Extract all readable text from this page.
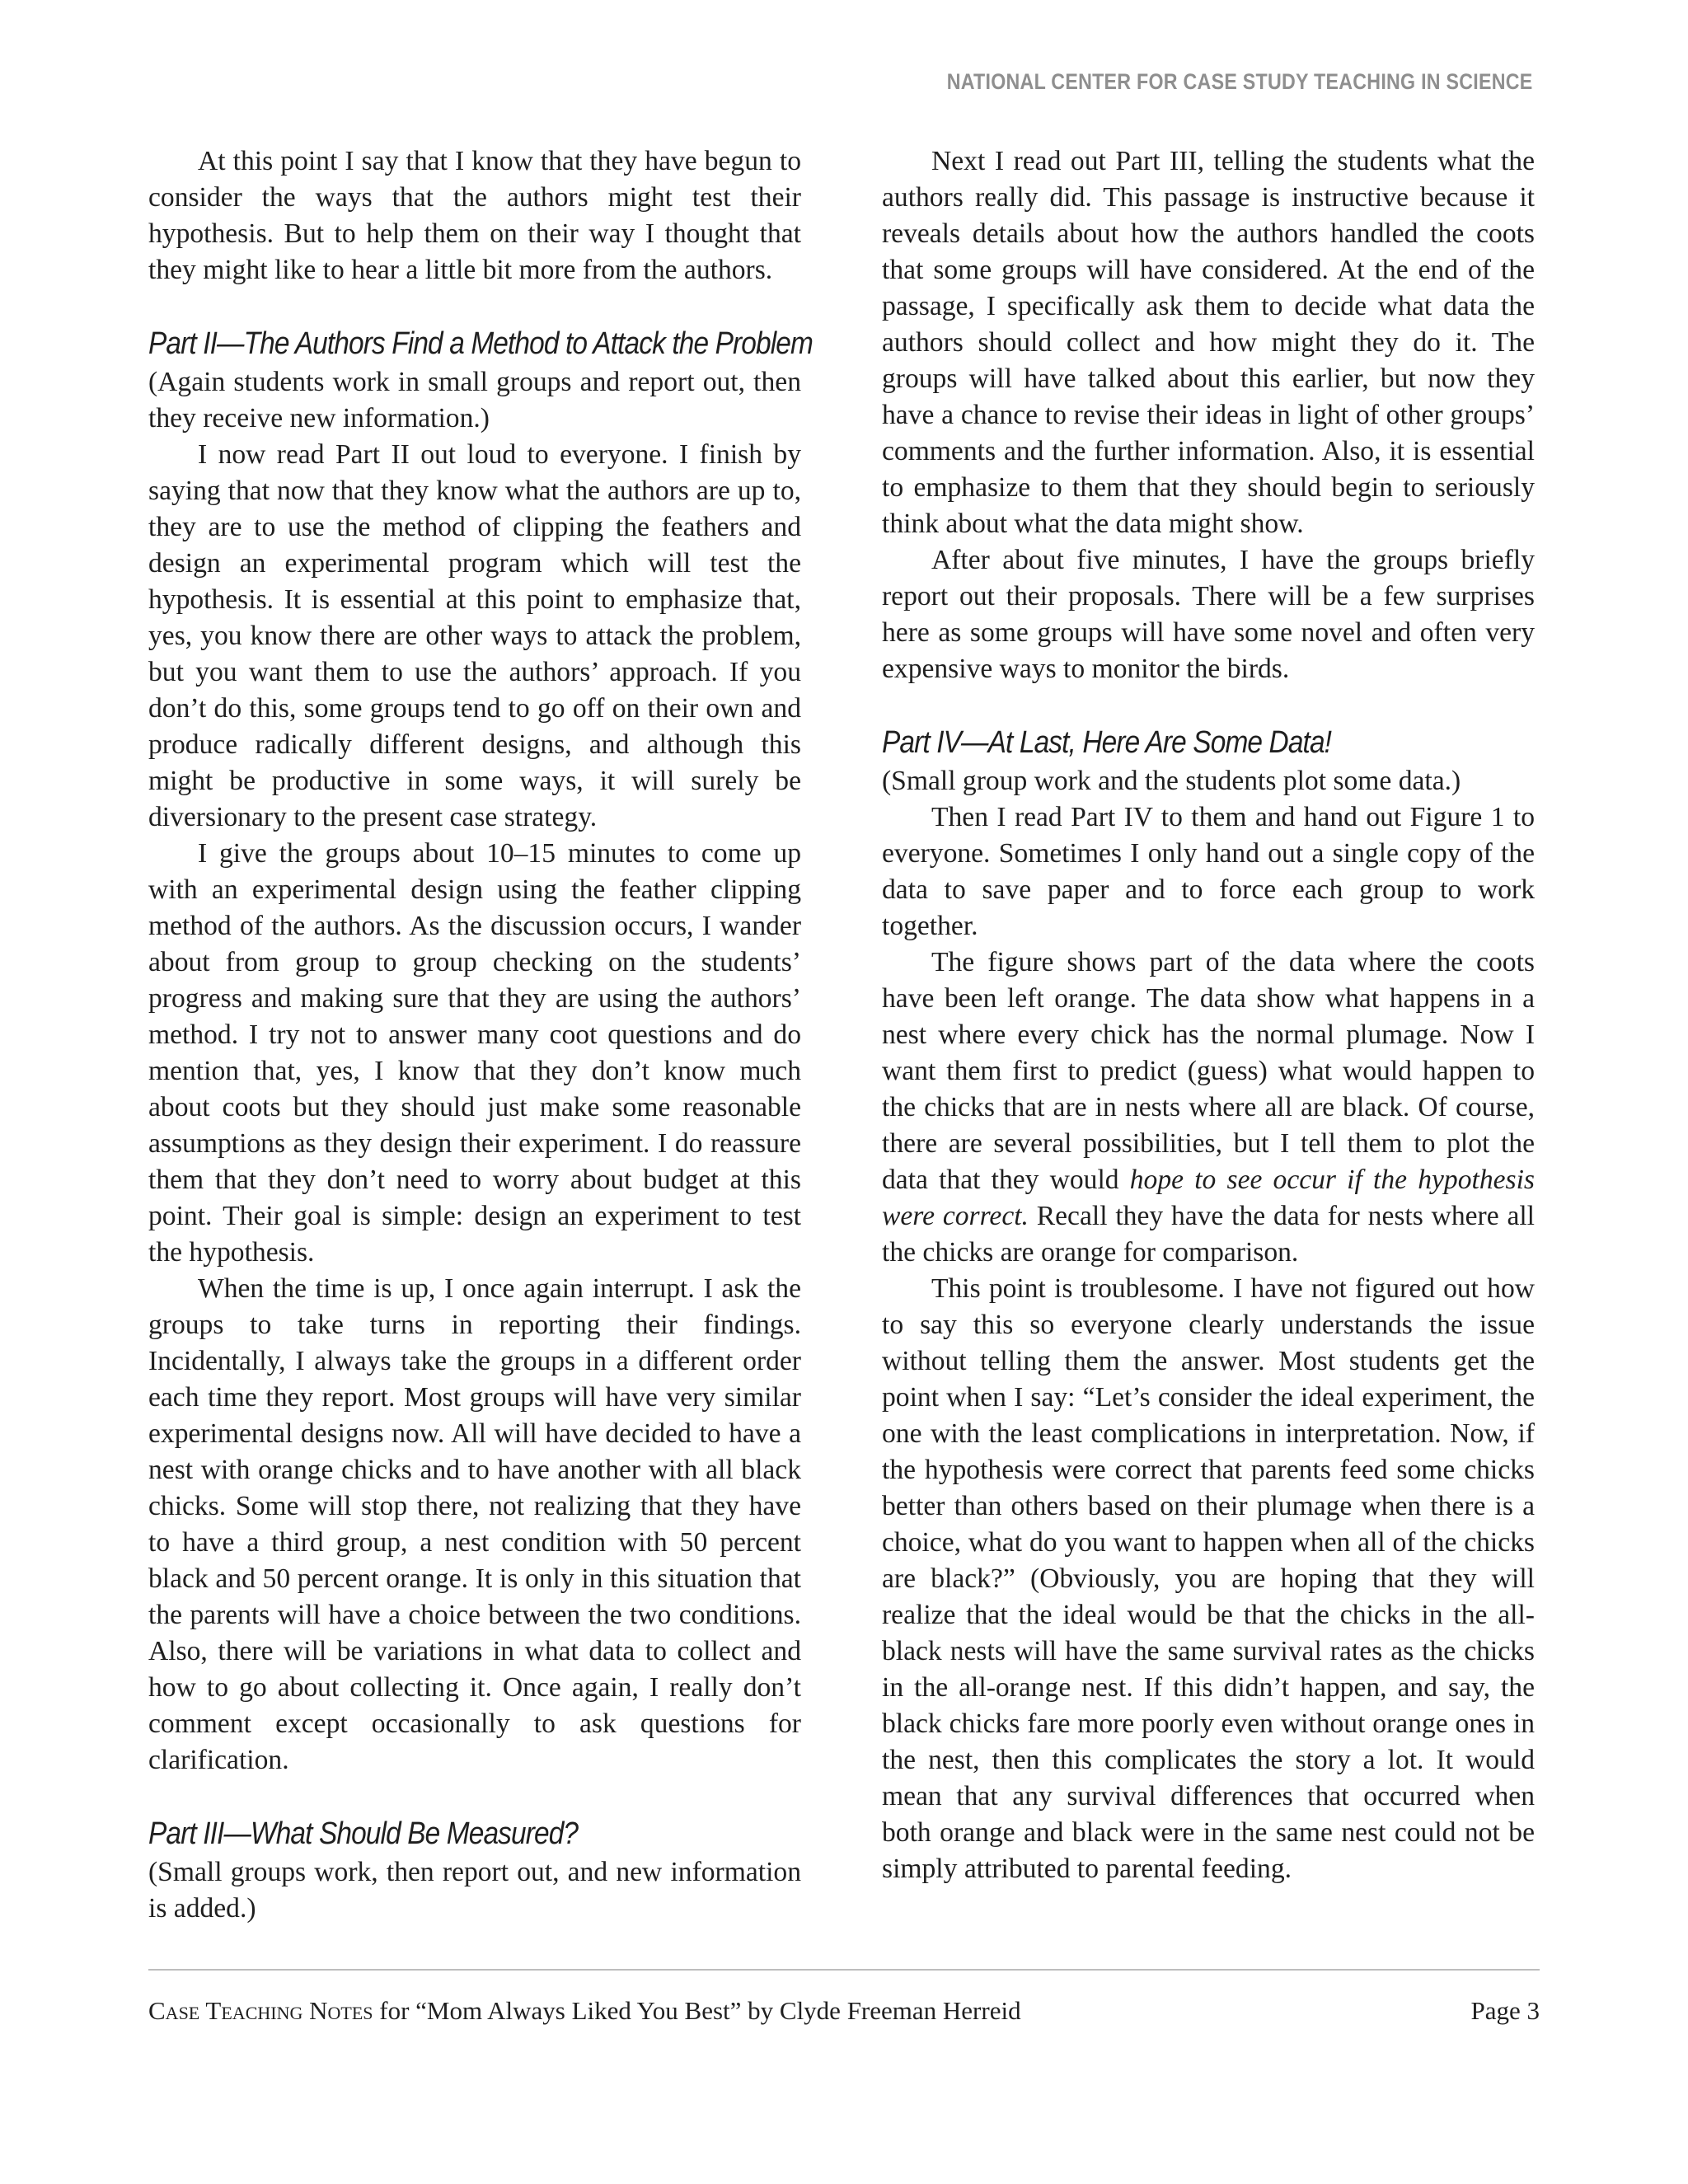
NATIONAL CENTER FOR CASE STUDY TEACHING IN SCIENCE

At this point I say that I know that they have begun to consider the ways that the authors might test their hypothesis. But to help them on their way I thought that they might like to hear a little bit more from the authors.

Part II—The Authors Find a Method to Attack the Problem

(Again students work in small groups and report out, then they receive new information.)

I now read Part II out loud to everyone. I finish by saying that now that they know what the authors are up to, they are to use the method of clipping the feathers and design an experimental program which will test the hypothesis. It is essential at this point to emphasize that, yes, you know there are other ways to attack the problem, but you want them to use the authors’ approach. If you don’t do this, some groups tend to go off on their own and produce radically different designs, and although this might be productive in some ways, it will surely be diversionary to the present case strategy.

I give the groups about 10–15 minutes to come up with an experimental design using the feather clipping method of the authors. As the discussion occurs, I wander about from group to group checking on the students’ progress and making sure that they are using the authors’ method. I try not to answer many coot questions and do mention that, yes, I know that they don’t know much about coots but they should just make some reasonable assumptions as they design their experiment. I do reassure them that they don’t need to worry about budget at this point. Their goal is simple: design an experiment to test the hypothesis.

When the time is up, I once again interrupt. I ask the groups to take turns in reporting their findings. Incidentally, I always take the groups in a different order each time they report. Most groups will have very similar experimental designs now. All will have decided to have a nest with orange chicks and to have another with all black chicks. Some will stop there, not realizing that they have to have a third group, a nest condition with 50 percent black and 50 percent orange. It is only in this situation that the parents will have a choice between the two conditions. Also, there will be variations in what data to collect and how to go about collecting it. Once again, I really don’t comment except occasionally to ask questions for clarification.

Part III—What Should Be Measured?

(Small groups work, then report out, and new information is added.)

Next I read out Part III, telling the students what the authors really did. This passage is instructive because it reveals details about how the authors handled the coots that some groups will have considered. At the end of the passage, I specifically ask them to decide what data the authors should collect and how might they do it. The groups will have talked about this earlier, but now they have a chance to revise their ideas in light of other groups’ comments and the further information. Also, it is essential to emphasize to them that they should begin to seriously think about what the data might show.

After about five minutes, I have the groups briefly report out their proposals. There will be a few surprises here as some groups will have some novel and often very expensive ways to monitor the birds.

Part IV—At Last, Here Are Some Data!

(Small group work and the students plot some data.)

Then I read Part IV to them and hand out Figure 1 to everyone. Sometimes I only hand out a single copy of the data to save paper and to force each group to work together.

The figure shows part of the data where the coots have been left orange. The data show what happens in a nest where every chick has the normal plumage. Now I want them first to predict (guess) what would happen to the chicks that are in nests where all are black. Of course, there are several possibilities, but I tell them to plot the data that they would hope to see occur if the hypothesis were correct. Recall they have the data for nests where all the chicks are orange for comparison.

This point is troublesome. I have not figured out how to say this so everyone clearly understands the issue without telling them the answer. Most students get the point when I say: “Let’s consider the ideal experiment, the one with the least complications in interpretation. Now, if the hypothesis were correct that parents feed some chicks better than others based on their plumage when there is a choice, what do you want to happen when all of the chicks are black?” (Obviously, you are hoping that they will realize that the ideal would be that the chicks in the all-black nests will have the same survival rates as the chicks in the all-orange nest. If this didn’t happen, and say, the black chicks fare more poorly even without orange ones in the nest, then this complicates the story a lot. It would mean that any survival differences that occurred when both orange and black were in the same nest could not be simply attributed to parental feeding.

Case Teaching Notes for “Mom Always Liked You Best” by Clyde Freeman Herreid	Page 3
